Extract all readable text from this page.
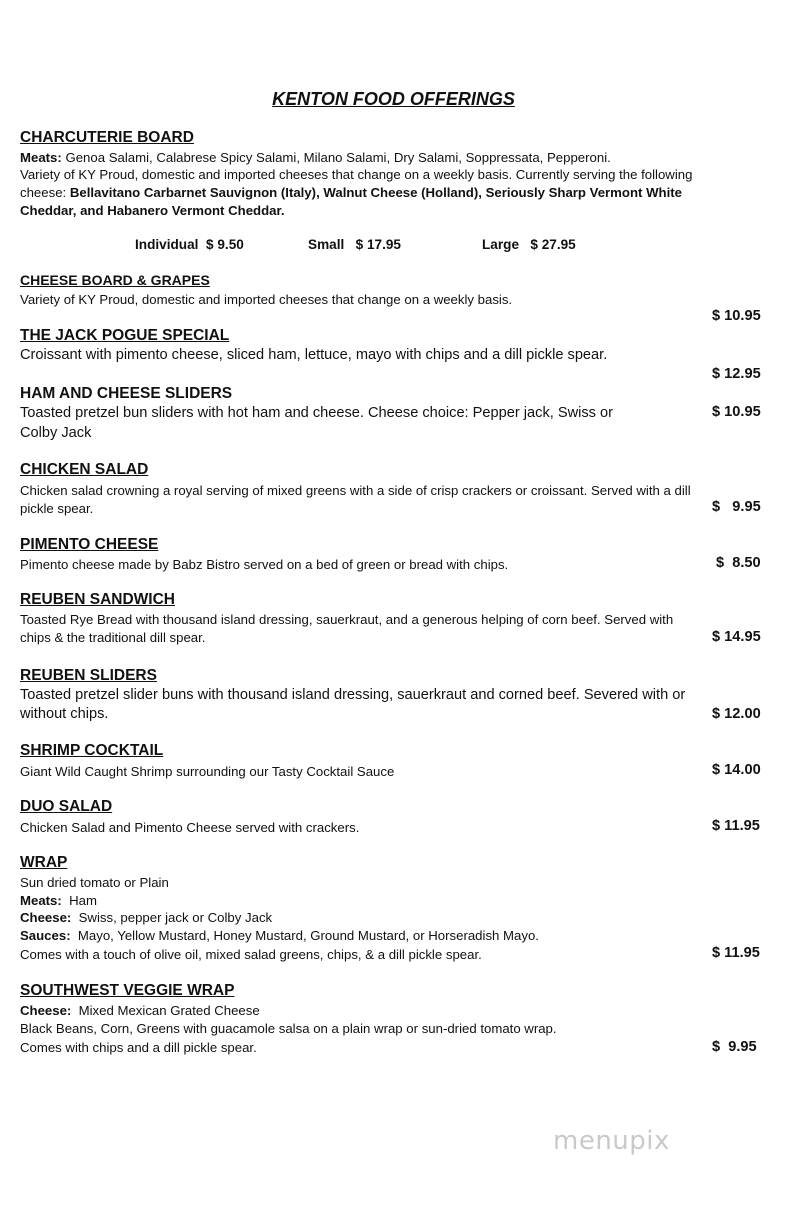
KENTON FOOD OFFERINGS
CHARCUTERIE BOARD
Meats: Genoa Salami, Calabrese Spicy Salami, Milano Salami, Dry Salami, Soppressata, Pepperoni.
Variety of KY Proud, domestic and imported cheeses that change on a weekly basis. Currently serving the following
cheese: Bellavitano Carbarnet Sauvignon (Italy), Walnut Cheese (Holland), Seriously Sharp Vermont White
Cheddar, and Habanero Vermont Cheddar.
Individual $ 9.50	Small $ 17.95	Large $ 27.95
CHEESE BOARD & GRAPES
Variety of KY Proud, domestic and imported cheeses that change on a weekly basis.
$ 10.95
THE JACK POGUE SPECIAL
Croissant with pimento cheese, sliced ham, lettuce, mayo with chips and a dill pickle spear.
$ 12.95
HAM AND CHEESE SLIDERS
Toasted pretzel bun sliders with hot ham and cheese. Cheese choice: Pepper jack, Swiss or
Colby Jack
$ 10.95
CHICKEN SALAD
Chicken salad crowning a royal serving of mixed greens with a side of crisp crackers or croissant. Served with a dill
pickle spear.	$   9.95
PIMENTO CHEESE
Pimento cheese made by Babz Bistro served on a bed of green or bread with chips.	$  8.50
REUBEN SANDWICH
Toasted Rye Bread with thousand island dressing, sauerkraut, and a generous helping of corn beef. Served with
chips & the traditional dill spear.	$ 14.95
REUBEN SLIDERS
Toasted pretzel slider buns with thousand island dressing, sauerkraut and corned beef. Severed with or
without chips.	$ 12.00
SHRIMP COCKTAIL
Giant Wild Caught Shrimp surrounding our Tasty Cocktail Sauce	$ 14.00
DUO SALAD
Chicken Salad and Pimento Cheese served with crackers.	$ 11.95
WRAP
Sun dried tomato or Plain
Meats:  Ham
Cheese:  Swiss, pepper jack or Colby Jack
Sauces:  Mayo, Yellow Mustard, Honey Mustard, Ground Mustard, or Horseradish Mayo.
Comes with a touch of olive oil, mixed salad greens, chips, & a dill pickle spear.	$ 11.95
SOUTHWEST VEGGIE WRAP
Cheese:  Mixed Mexican Grated Cheese
Black Beans, Corn, Greens with guacamole salsa on a plain wrap or sun-dried tomato wrap.
Comes with chips and a dill pickle spear.	$  9.95
menupix
